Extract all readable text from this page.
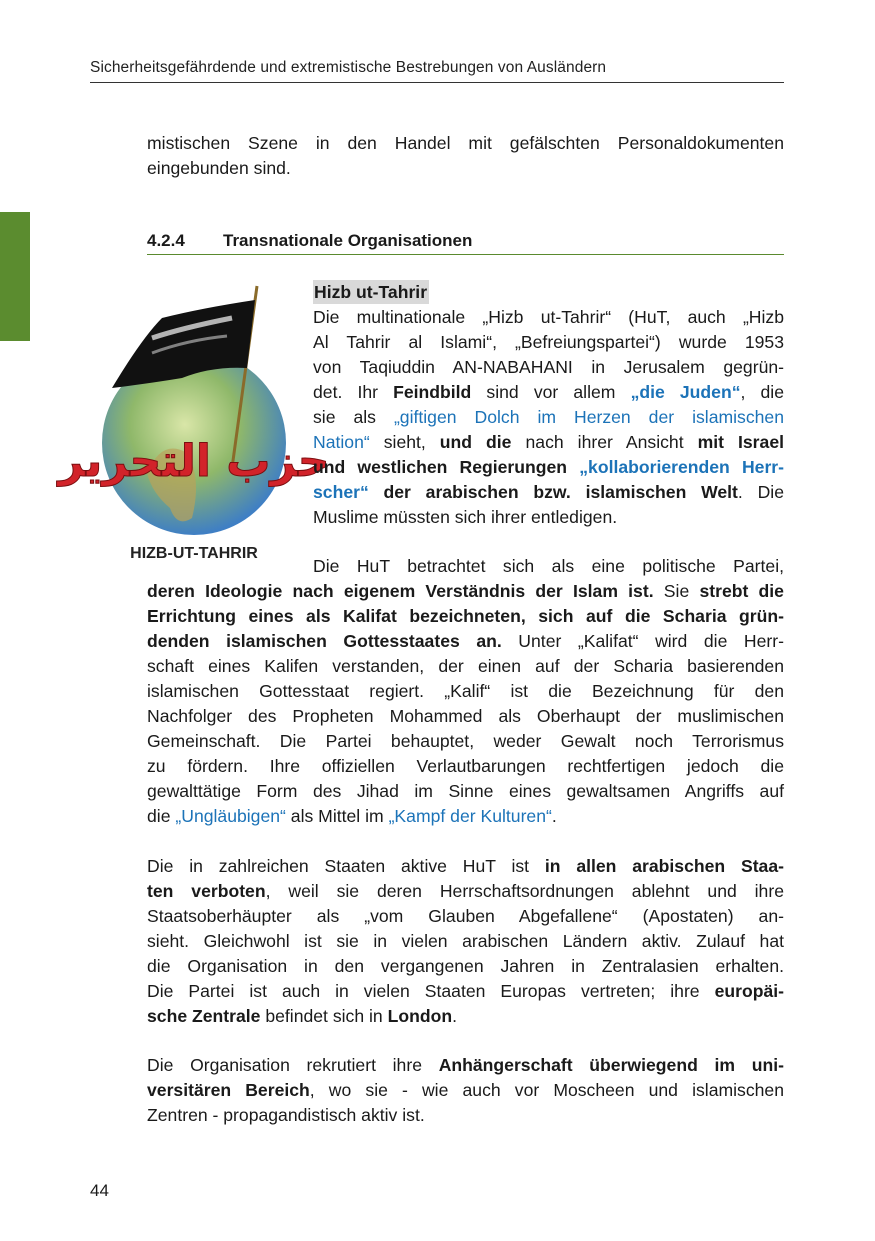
Sicherheitsgefährdende und extremistische Bestrebungen von Ausländern
4.2.4 Transnationale Organisationen
Hizb ut-Tahrir
حزب التحرير
HIZB-UT-TAHRIR
mistischen Szene in den Handel mit gefälschten Personaldokumenten
eingebunden sind.
Die multinationale „Hizb ut-Tahrir“ (HuT, auch „Hizb
Al Tahrir al Islami“, „Befreiungspartei“) wurde 1953
von Taqiuddin AN-NABAHANI in Jerusalem gegrün-
det. Ihr Feindbild sind vor allem „die Juden“, die
sie als „giftigen Dolch im Herzen der islamischen
Nation“ sieht, und die nach ihrer Ansicht mit Israel
und westlichen Regierungen „kollaborierenden Herr-
scher“ der arabischen bzw. islamischen Welt. Die
Muslime müssten sich ihrer entledigen.
Die HuT betrachtet sich als eine politische Partei,
deren Ideologie nach eigenem Verständnis der Islam ist. Sie strebt die
Errichtung eines als Kalifat bezeichneten, sich auf die Scharia grün-
denden islamischen Gottesstaates an. Unter „Kalifat“ wird die Herr-
schaft eines Kalifen verstanden, der einen auf der Scharia basierenden
islamischen Gottesstaat regiert. „Kalif“ ist die Bezeichnung für den
Nachfolger des Propheten Mohammed als Oberhaupt der muslimischen
Gemeinschaft. Die Partei behauptet, weder Gewalt noch Terrorismus
zu fördern. Ihre offiziellen Verlautbarungen rechtfertigen jedoch die
gewalttätige Form des Jihad im Sinne eines gewaltsamen Angriffs auf
die „Ungläubigen“ als Mittel im „Kampf der Kulturen“.
Die in zahlreichen Staaten aktive HuT ist in allen arabischen Staa-
ten verboten, weil sie deren Herrschaftsordnungen ablehnt und ihre
Staatsoberhäupter als „vom Glauben Abgefallene“ (Apostaten) an-
sieht. Gleichwohl ist sie in vielen arabischen Ländern aktiv. Zulauf hat
die Organisation in den vergangenen Jahren in Zentralasien erhalten.
Die Partei ist auch in vielen Staaten Europas vertreten; ihre europäi-
sche Zentrale befindet sich in London.
Die Organisation rekrutiert ihre Anhängerschaft überwiegend im uni-
versitären Bereich, wo sie - wie auch vor Moscheen und islamischen
Zentren - propagandistisch aktiv ist.
44
